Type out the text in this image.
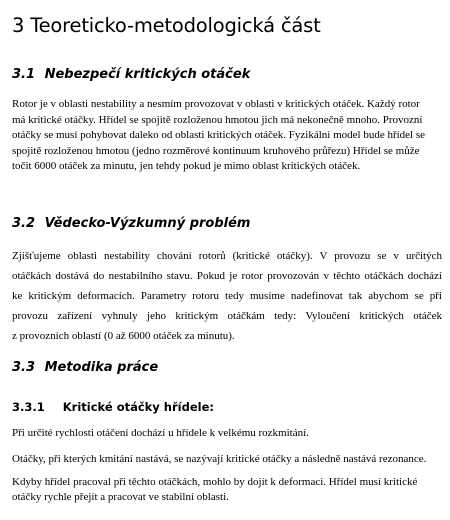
3 Teoreticko-metodologická část
3.1 Nebezpečí kritických otáček
Rotor je v oblasti nestability a nesmím provozovat v oblasti v kritických otáček. Každý rotor
má kritické otáčky. Hřídel se spojitě rozloženou hmotou jich má nekonečně mnoho. Provozní
otáčky se musí pohybovat daleko od oblasti kritických otáček. Fyzikální model bude hřídel se
spojitě rozloženou hmotou (jedno rozměrové kontinuum kruhového průřezu) Hřídel se může
točit 6000 otáček za minutu, jen tehdy pokud je mimo oblast kritických otáček.
3.2 Vědecko-Výzkumný problém
Zjišťujeme oblasti nestability chování rotorů (kritické otáčky). V provozu se v určitých
otáčkách dostává do nestabilního stavu. Pokud je rotor provozován v těchto otáčkách dochází
ke kritickým deformacích. Parametry rotoru tedy musíme nadefinovat tak abychom se při
provozu zařízení vyhnuly jeho kritickým otáčkám tedy: Vyloučení kritických otáček
z provozních oblastí (0 až 6000 otáček za minutu).
3.3 Metodika práce
3.3.1 Kritické otáčky hřídele:
Při určité rychlosti otáčení dochází u hřídele k velkému rozkmitání.
Otáčky, při kterých kmitání nastává, se nazývají kritické otáčky a následně nastává rezonance.
Kdyby hřídel pracoval při těchto otáčkách, mohlo by dojít k deformaci. Hřídel musí kritické
otáčky rychle přejít a pracovat ve stabilní oblasti.
